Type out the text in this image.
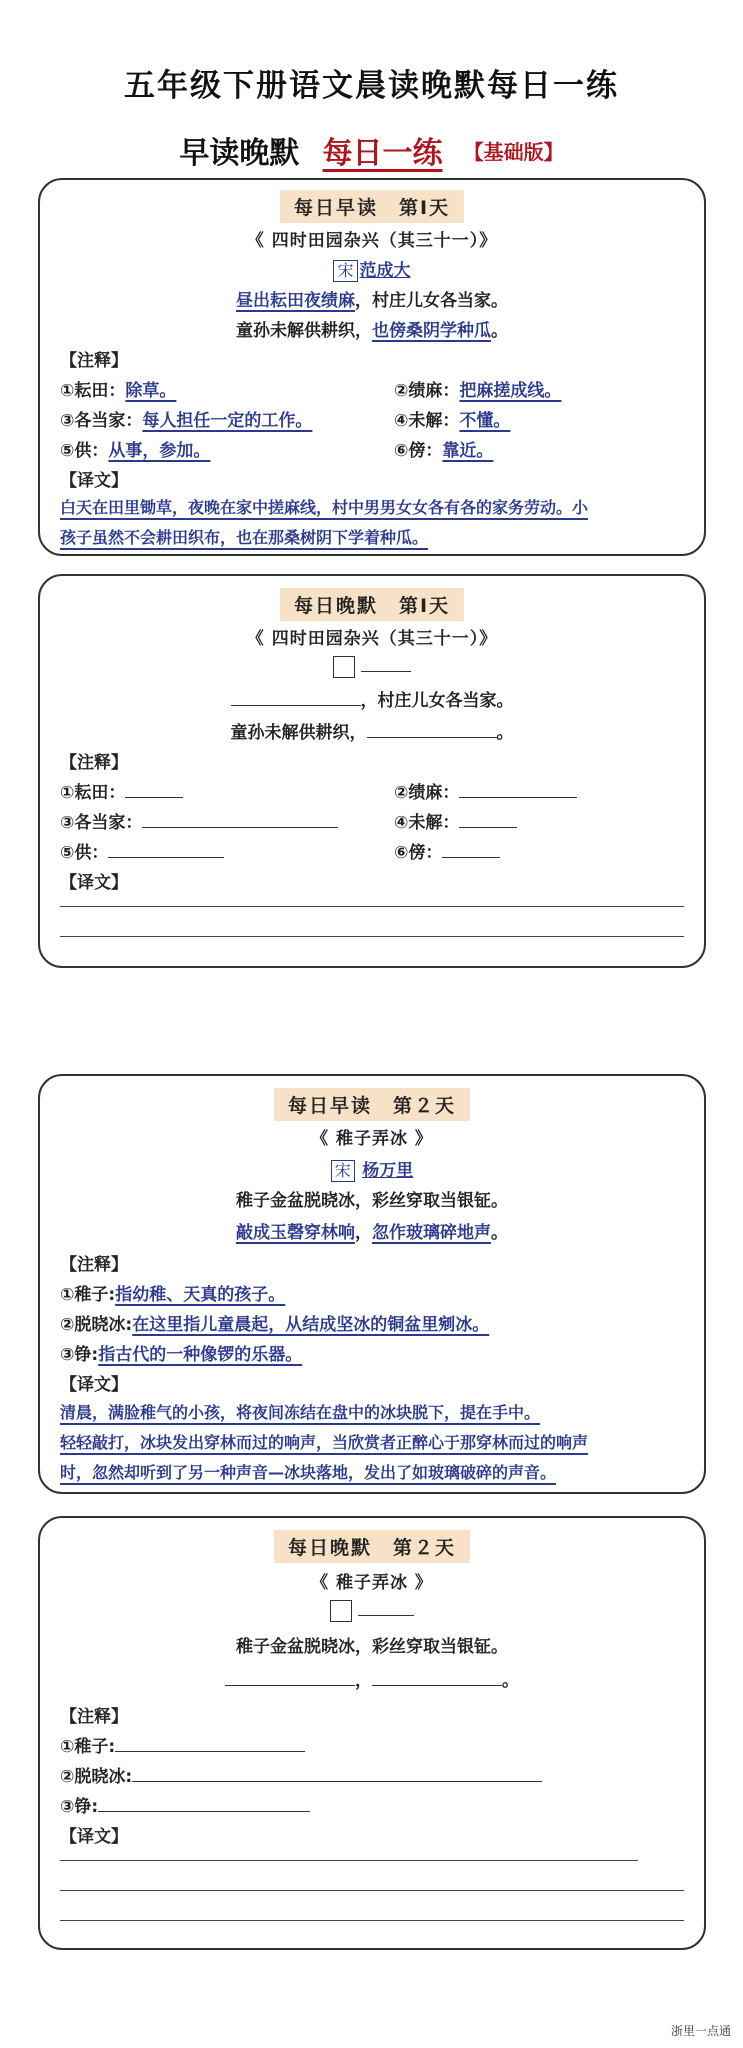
五年级下册语文晨读晚默每日一练
早读晚默 每日一练 【基础版】
每日早读　第Ⅰ天
《 四时田园杂兴（其三十一）》
宋 范成大
昼出耘田夜绩麻，村庄儿女各当家。
童孙未解供耕织，也傍桑阴学种瓜。
【注释】
①耘田：除草。	②绩麻：把麻搓成线。
③各当家：每人担任一定的工作。	④未解：不懂。
⑤供：从事，参加。	⑥傍：靠近。
【译文】
白天在田里锄草，夜晚在家中搓麻线，村中男男女女各有各的家务劳动。小
孩子虽然不会耕田织布，也在那桑树阴下学着种瓜。
每日晚默　第Ⅰ天
《 四时田园杂兴（其三十一）》

，村庄儿女各当家。
童孙未解供耕织，	。
【注释】
①耘田：	②绩麻：
③各当家：	④未解：
⑤供：	⑥傍：
【译文】
每日早读　第２天
《 稚子弄冰 》
宋 杨万里
稚子金盆脱晓冰，彩丝穿取当银钲。
敲成玉磬穿林响，忽作玻璃碎地声。
【注释】
①稚子:指幼稚、天真的孩子。
②脱晓冰:在这里指儿童晨起，从结成坚冰的铜盆里剜冰。
③铮:指古代的一种像锣的乐器。
【译文】
清晨，满脸稚气的小孩，将夜间冻结在盘中的冰块脱下，提在手中。
轻轻敲打，冰块发出穿林而过的响声，当欣赏者正醉心于那穿林而过的响声
时，忽然却听到了另一种声音—冰块落地，发出了如玻璃破碎的声音。
每日晚默　第２天
《 稚子弄冰 》

稚子金盆脱晓冰，彩丝穿取当银钲。
，	。
【注释】
①稚子:
②脱晓冰:
③铮:
【译文】
浙里一点通
